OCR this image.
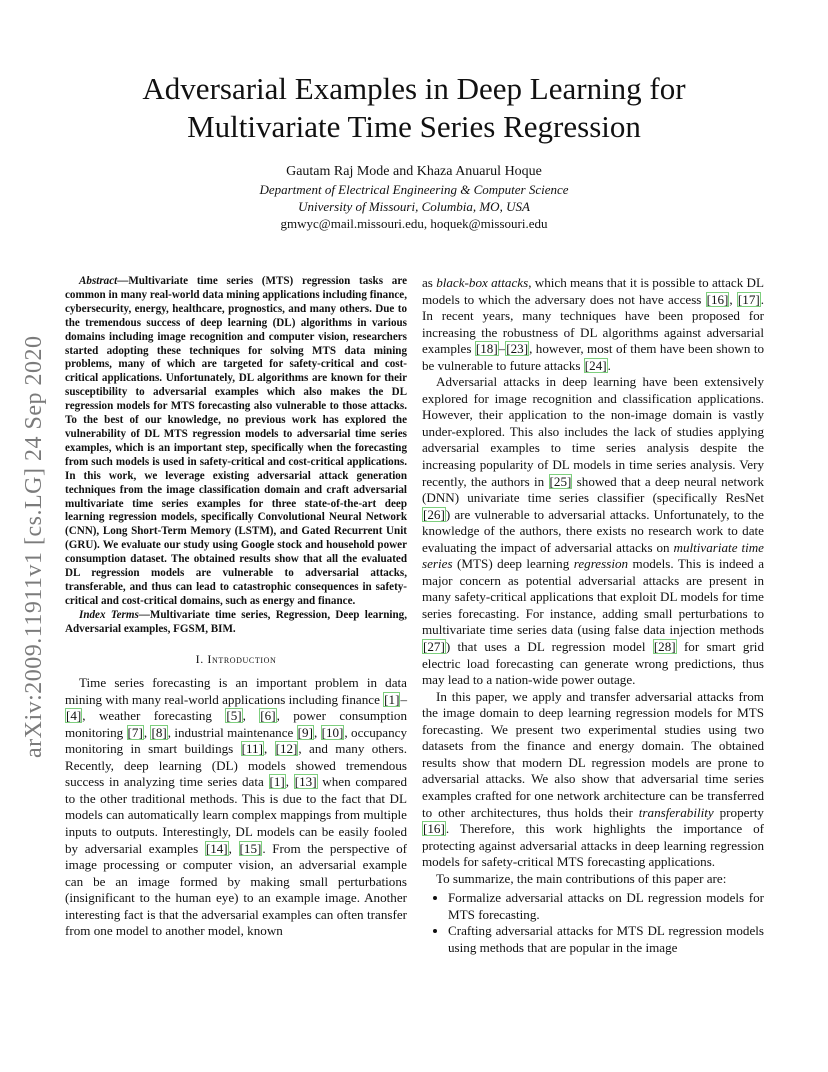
arXiv:2009.11911v1 [cs.LG] 24 Sep 2020
Adversarial Examples in Deep Learning for
Multivariate Time Series Regression
Gautam Raj Mode and Khaza Anuarul Hoque
Department of Electrical Engineering & Computer Science
University of Missouri, Columbia, MO, USA
gmwyc@mail.missouri.edu, hoquek@missouri.edu

Abstract—Multivariate time series (MTS) regression tasks are common in many real-world data mining applications including finance, cybersecurity, energy, healthcare, prognostics, and many others. Due to the tremendous success of deep learning (DL) algorithms in various domains including image recognition and computer vision, researchers started adopting these techniques for solving MTS data mining problems, many of which are targeted for safety-critical and cost-critical applications. Unfortunately, DL algorithms are known for their susceptibility to adversarial examples which also makes the DL regression models for MTS forecasting also vulnerable to those attacks. To the best of our knowledge, no previous work has explored the vulnerability of DL MTS regression models to adversarial time series examples, which is an important step, specifically when the forecasting from such models is used in safety-critical and cost-critical applications. In this work, we leverage existing adversarial attack generation techniques from the image classification domain and craft adversarial multivariate time series examples for three state-of-the-art deep learning regression models, specifically Convolutional Neural Network (CNN), Long Short-Term Memory (LSTM), and Gated Recurrent Unit (GRU). We evaluate our study using Google stock and household power consumption dataset. The obtained results show that all the evaluated DL regression models are vulnerable to adversarial attacks, transferable, and thus can lead to catastrophic consequences in safety-critical and cost-critical domains, such as energy and finance.

Index Terms—Multivariate time series, Regression, Deep learning, Adversarial examples, FGSM, BIM.

I. Introduction

Time series forecasting is an important problem in data mining with many real-world applications including finance [1]–[4], weather forecasting [5], [6], power consumption monitoring [7], [8], industrial maintenance [9], [10], occupancy monitoring in smart buildings [11], [12], and many others. Recently, deep learning (DL) models showed tremendous success in analyzing time series data [1], [13] when compared to the other traditional methods. This is due to the fact that DL models can automatically learn complex mappings from multiple inputs to outputs. Interestingly, DL models can be easily fooled by adversarial examples [14], [15]. From the perspective of image processing or computer vision, an adversarial example can be an image formed by making small perturbations (insignificant to the human eye) to an example image. Another interesting fact is that the adversarial examples can often transfer from one model to another model, known

as black-box attacks, which means that it is possible to attack DL models to which the adversary does not have access [16], [17]. In recent years, many techniques have been proposed for increasing the robustness of DL algorithms against adversarial examples [18]–[23], however, most of them have been shown to be vulnerable to future attacks [24].

Adversarial attacks in deep learning have been extensively explored for image recognition and classification applications. However, their application to the non-image domain is vastly under-explored. This also includes the lack of studies applying adversarial examples to time series analysis despite the increasing popularity of DL models in time series analysis. Very recently, the authors in [25] showed that a deep neural network (DNN) univariate time series classifier (specifically ResNet [26]) are vulnerable to adversarial attacks. Unfortunately, to the knowledge of the authors, there exists no research work to date evaluating the impact of adversarial attacks on multivariate time series (MTS) deep learning regression models. This is indeed a major concern as potential adversarial attacks are present in many safety-critical applications that exploit DL models for time series forecasting. For instance, adding small perturbations to multivariate time series data (using false data injection methods [27]) that uses a DL regression model [28] for smart grid electric load forecasting can generate wrong predictions, thus may lead to a nation-wide power outage.

In this paper, we apply and transfer adversarial attacks from the image domain to deep learning regression models for MTS forecasting. We present two experimental studies using two datasets from the finance and energy domain. The obtained results show that modern DL regression models are prone to adversarial attacks. We also show that adversarial time series examples crafted for one network architecture can be transferred to other architectures, thus holds their transferability property [16]. Therefore, this work highlights the importance of protecting against adversarial attacks in deep learning regression models for safety-critical MTS forecasting applications.

To summarize, the main contributions of this paper are:

• Formalize adversarial attacks on DL regression models for MTS forecasting.
• Crafting adversarial attacks for MTS DL regression models using methods that are popular in the image
